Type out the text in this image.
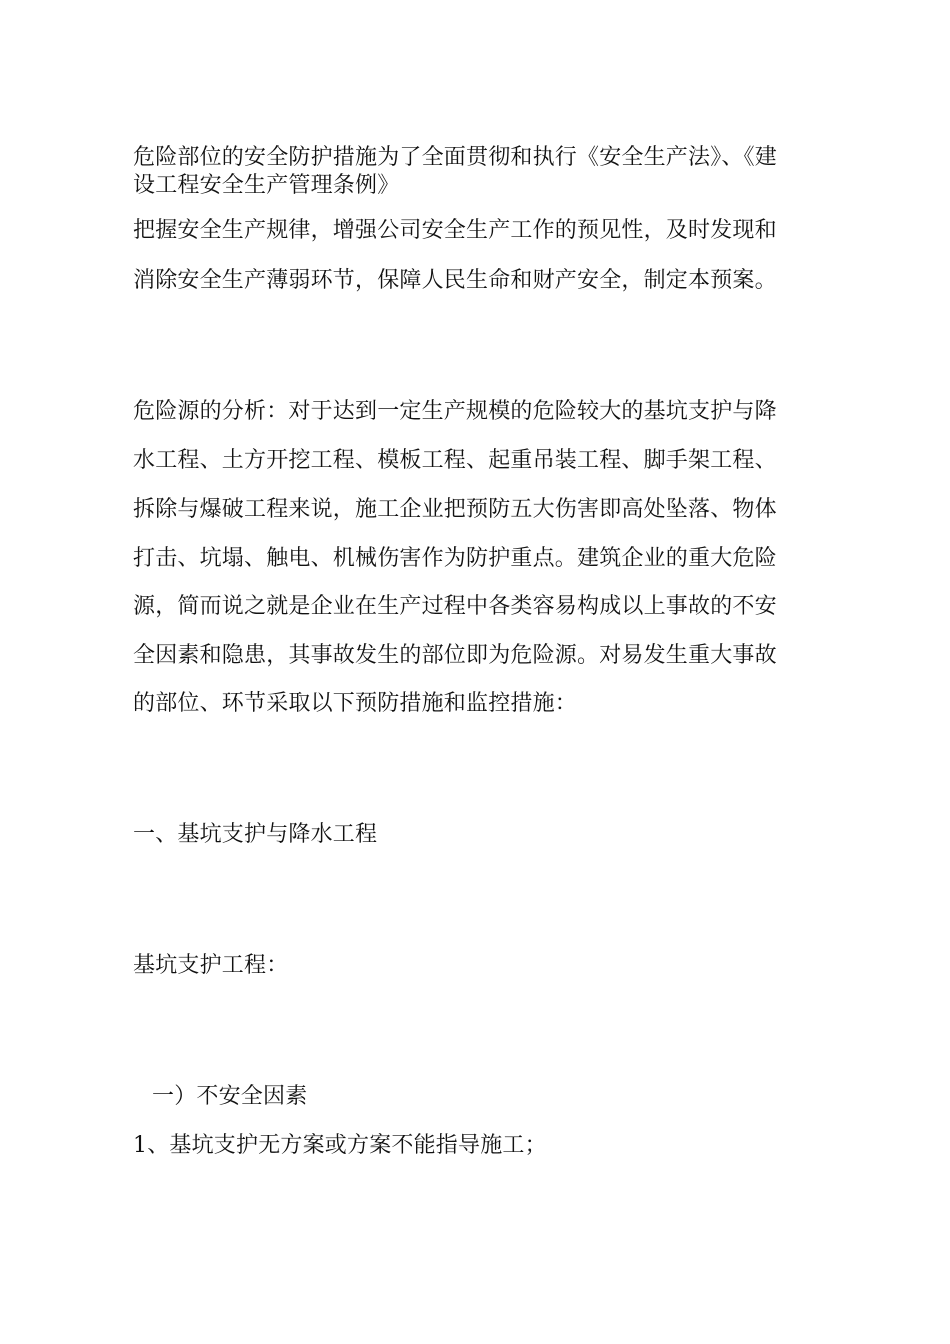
危险部位的安全防护措施为了全面贯彻和执行《安全生产法》、《建
设工程安全生产管理条例》
把握安全生产规律，增强公司安全生产工作的预见性，及时发现和
消除安全生产薄弱环节，保障人民生命和财产安全，制定本预案。
危险源的分析：对于达到一定生产规模的危险较大的基坑支护与降
水工程、土方开挖工程、模板工程、起重吊装工程、脚手架工程、
拆除与爆破工程来说，施工企业把预防五大伤害即高处坠落、物体
打击、坑塌、触电、机械伤害作为防护重点。建筑企业的重大危险
源，简而说之就是企业在生产过程中各类容易构成以上事故的不安
全因素和隐患，其事故发生的部位即为危险源。对易发生重大事故
的部位、环节采取以下预防措施和监控措施：
一、基坑支护与降水工程
基坑支护工程：
一）不安全因素
1、基坑支护无方案或方案不能指导施工；
